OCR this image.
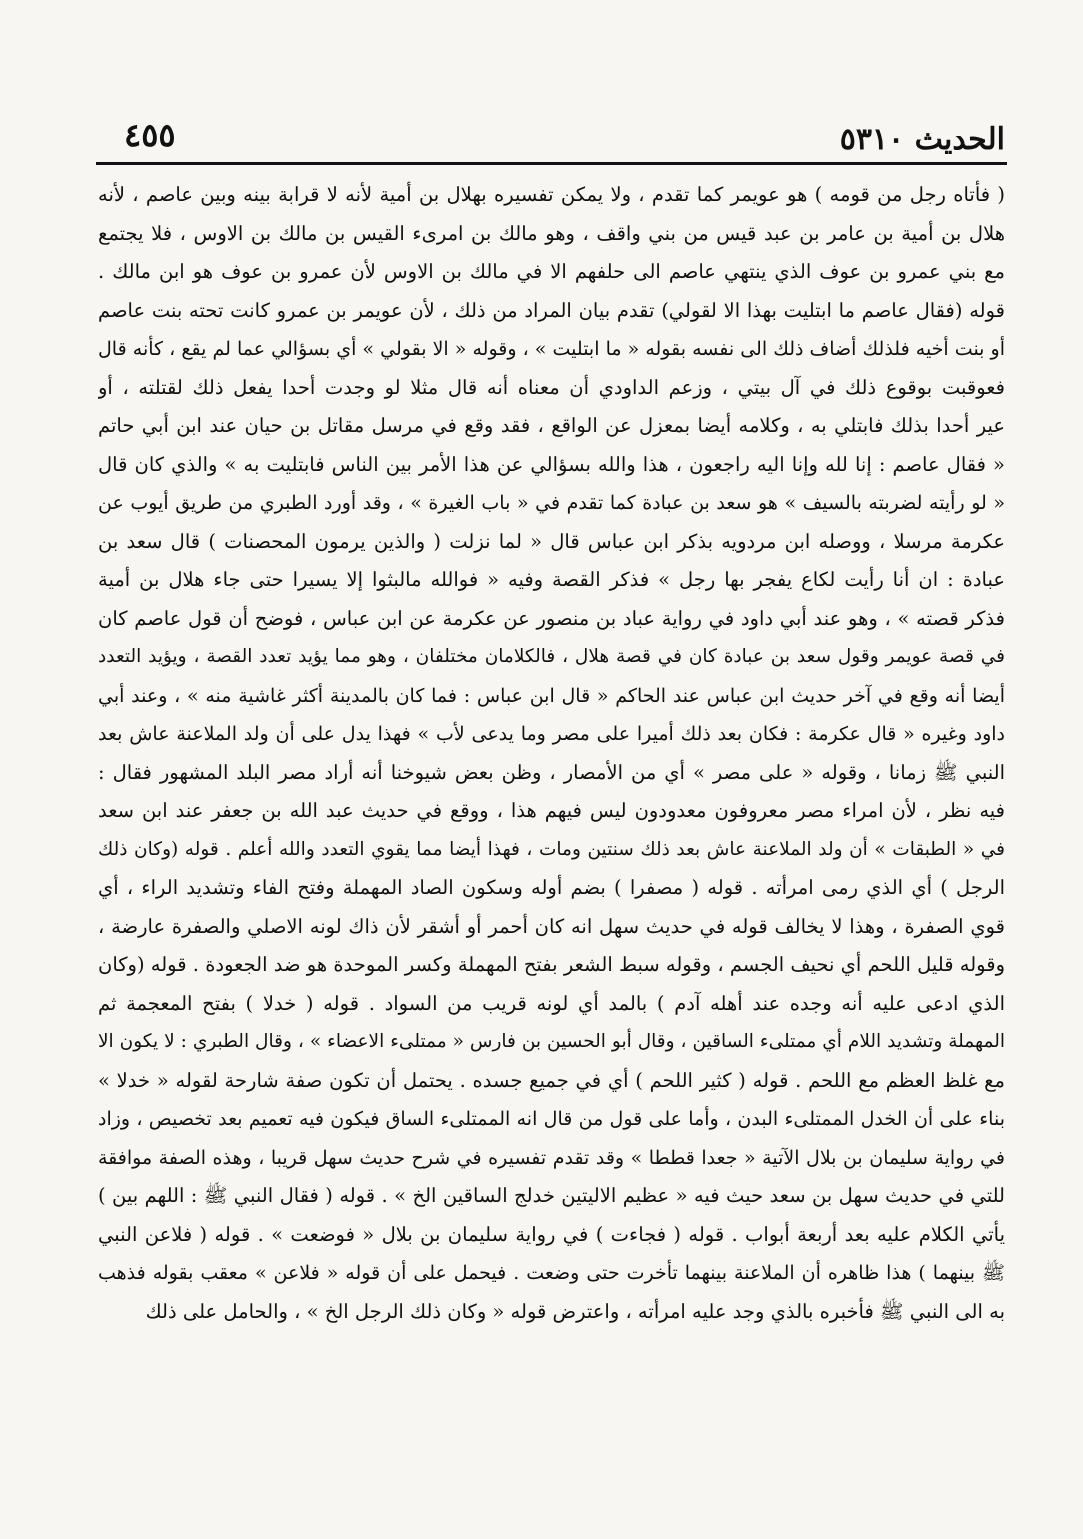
الحديث ٥٣١٠
٤٥٥
( فأتاه رجل من قومه ) هو عويمر كما تقدم ، ولا يمكن تفسيره بهلال بن أمية لأنه لا قرابة بينه وبين عاصم ، لأنه
هلال بن أمية بن عامر بن عبد قيس من بني واقف ، وهو مالك بن امرىء القيس بن مالك بن الاوس ، فلا يجتمع
مع بني عمرو بن عوف الذي ينتهي عاصم الى حلفهم الا في مالك بن الاوس لأن عمرو بن عوف هو ابن مالك .
قوله (فقال عاصم ما ابتليت بهذا الا لقولي) تقدم بيان المراد من ذلك ، لأن عويمر بن عمرو كانت تحته بنت عاصم
أو بنت أخيه فلذلك أضاف ذلك الى نفسه بقوله « ما ابتليت » ، وقوله « الا بقولي » أي بسؤالي عما لم يقع ، كأنه قال
فعوقبت بوقوع ذلك في آل بيتي ، وزعم الداودي أن معناه أنه قال مثلا لو وجدت أحدا يفعل ذلك لقتلته ، أو
عير أحدا بذلك فابتلي به ، وكلامه أيضا بمعزل عن الواقع ، فقد وقع في مرسل مقاتل بن حيان عند ابن أبي حاتم
« فقال عاصم : إنا لله وإنا اليه راجعون ، هذا والله بسؤالي عن هذا الأمر بين الناس فابتليت به » والذي كان قال
« لو رأيته لضربته بالسيف » هو سعد بن عبادة كما تقدم في « باب الغيرة » ، وقد أورد الطبري من طريق أيوب عن
عكرمة مرسلا ، ووصله ابن مردويه بذكر ابن عباس قال « لما نزلت ( والذين يرمون المحصنات ) قال سعد بن
عبادة : ان أنا رأيت لكاع يفجر بها رجل » فذكر القصة وفيه « فوالله مالبثوا إلا يسيرا حتى جاء هلال بن أمية
فذكر قصته » ، وهو عند أبي داود في رواية عباد بن منصور عن عكرمة عن ابن عباس ، فوضح أن قول عاصم كان
في قصة عويمر وقول سعد بن عبادة كان في قصة هلال ، فالكلامان مختلفان ، وهو مما يؤيد تعدد القصة ، ويؤيد التعدد
أيضا أنه وقع في آخر حديث ابن عباس عند الحاكم « قال ابن عباس : فما كان بالمدينة أكثر غاشية منه » ، وعند أبي
داود وغيره « قال عكرمة : فكان بعد ذلك أميرا على مصر وما يدعى لأب » فهذا يدل على أن ولد الملاعنة عاش بعد
النبي ﷺ زمانا ، وقوله « على مصر » أي من الأمصار ، وظن بعض شيوخنا أنه أراد مصر البلد المشهور فقال :
فيه نظر ، لأن امراء مصر معروفون معدودون ليس فيهم هذا ، ووقع في حديث عبد الله بن جعفر عند ابن سعد
في « الطبقات » أن ولد الملاعنة عاش بعد ذلك سنتين ومات ، فهذا أيضا مما يقوي التعدد والله أعلم . قوله (وكان ذلك
الرجل ) أي الذي رمى امرأته . قوله ( مصفرا ) بضم أوله وسكون الصاد المهملة وفتح الفاء وتشديد الراء ، أي
قوي الصفرة ، وهذا لا يخالف قوله في حديث سهل انه كان أحمر أو أشقر لأن ذاك لونه الاصلي والصفرة عارضة ،
وقوله قليل اللحم أي نحيف الجسم ، وقوله سبط الشعر بفتح المهملة وكسر الموحدة هو ضد الجعودة . قوله (وكان
الذي ادعى عليه أنه وجده عند أهله آدم ) بالمد أي لونه قريب من السواد . قوله ( خدلا ) بفتح المعجمة ثم
المهملة وتشديد اللام أي ممتلىء الساقين ، وقال أبو الحسين بن فارس « ممتلىء الاعضاء » ، وقال الطبري : لا يكون الا
مع غلظ العظم مع اللحم . قوله ( كثير اللحم ) أي في جميع جسده . يحتمل أن تكون صفة شارحة لقوله « خدلا »
بناء على أن الخدل الممتلىء البدن ، وأما على قول من قال انه الممتلىء الساق فيكون فيه تعميم بعد تخصيص ، وزاد
في رواية سليمان بن بلال الآتية « جعدا قططا » وقد تقدم تفسيره في شرح حديث سهل قريبا ، وهذه الصفة موافقة
للتي في حديث سهل بن سعد حيث فيه « عظيم الاليتين خدلج الساقين الخ » . قوله ( فقال النبي ﷺ : اللهم بين )
يأتي الكلام عليه بعد أربعة أبواب . قوله ( فجاءت ) في رواية سليمان بن بلال « فوضعت » . قوله ( فلاعن النبي
ﷺ بينهما ) هذا ظاهره أن الملاعنة بينهما تأخرت حتى وضعت . فيحمل على أن قوله « فلاعن » معقب بقوله فذهب
به الى النبي ﷺ فأخبره بالذي وجد عليه امرأته ، واعترض قوله « وكان ذلك الرجل الخ » ، والحامل على ذلك
